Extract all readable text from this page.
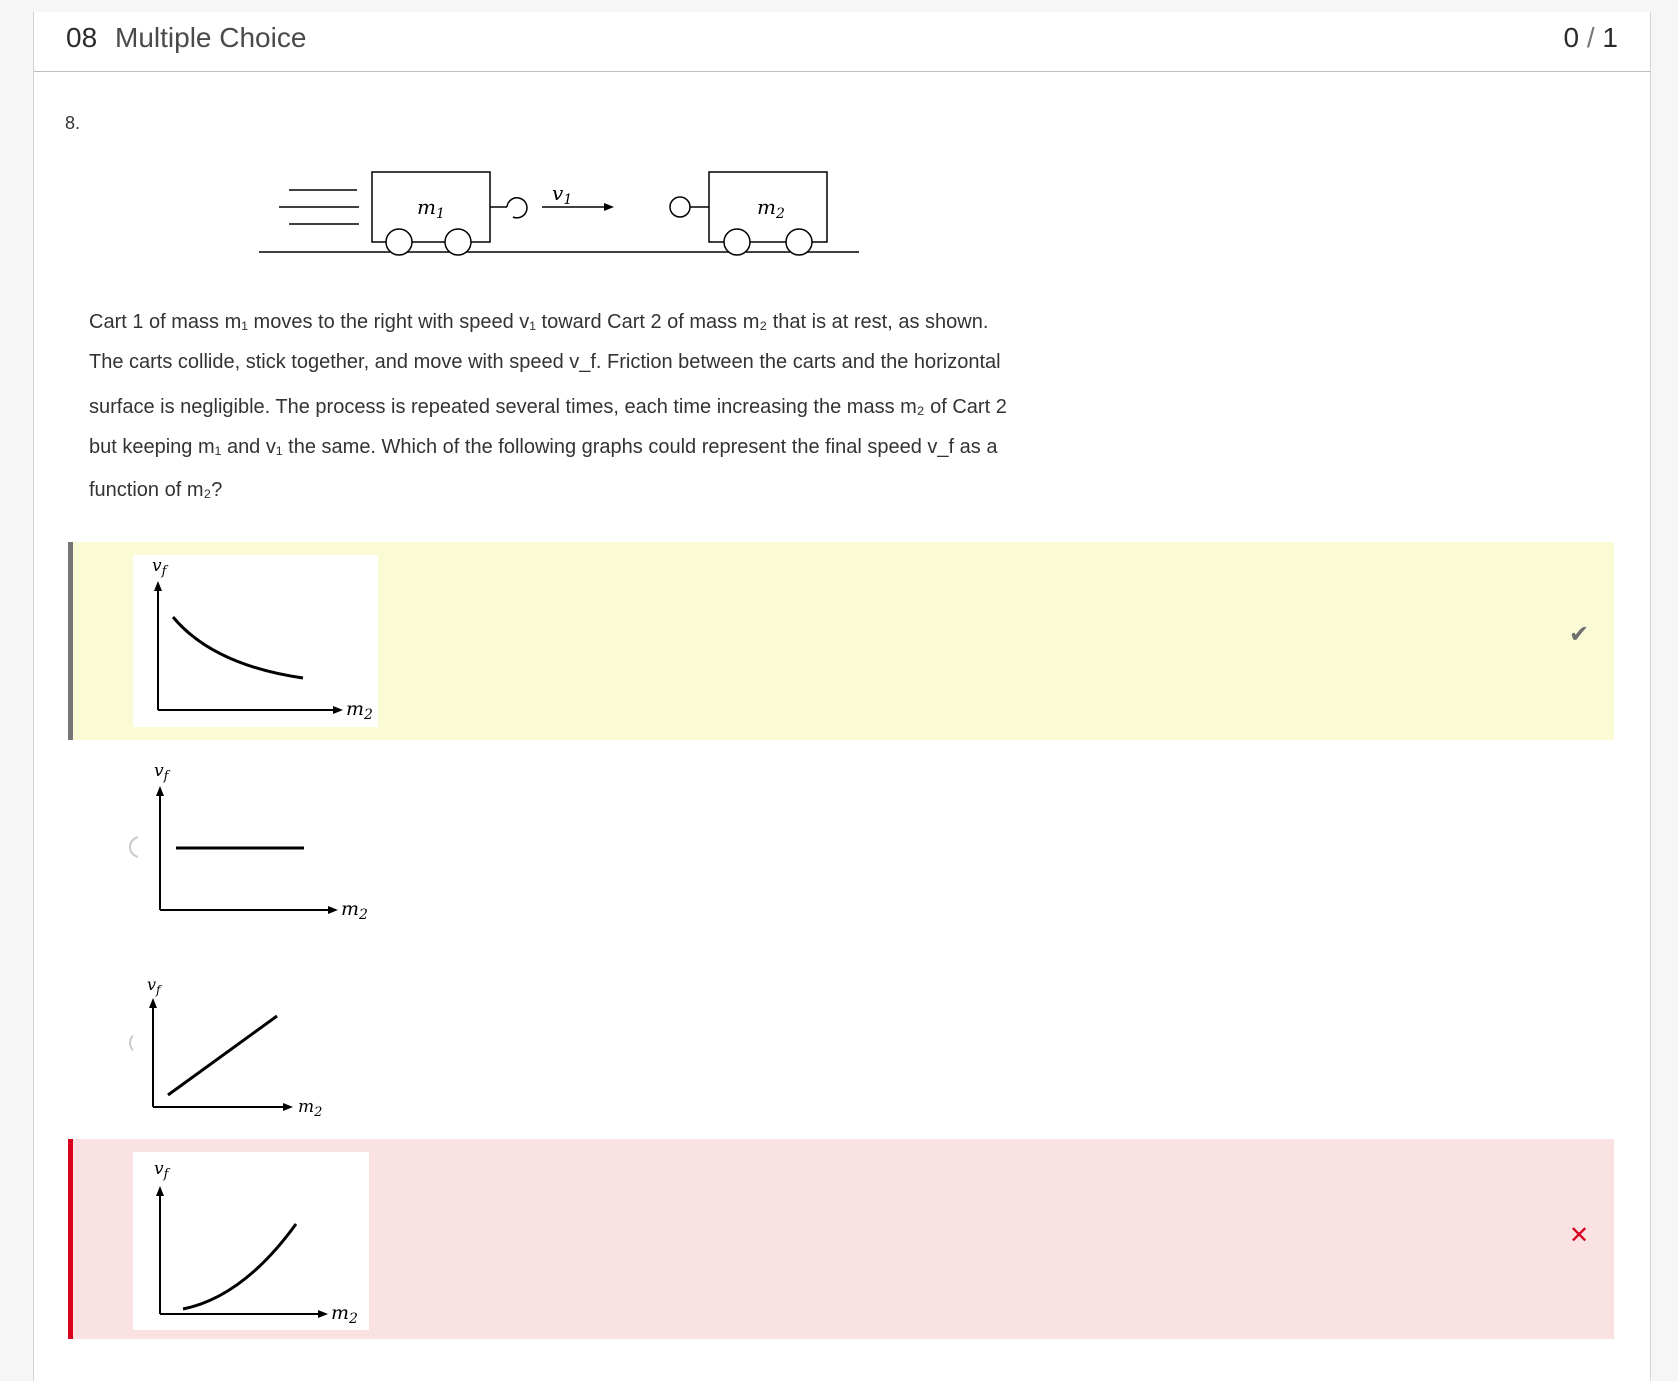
08 Multiple Choice	0 / 1
8.
$m_1$
$v_1$	$m_2$

Cart 1 of mass m₁ moves to the right with speed v₁ toward Cart 2 of mass m₂ that is at rest, as shown.

The carts collide, stick together, and move with speed v_f. Friction between the carts and the horizontal

surface is negligible. The process is repeated several times, each time increasing the mass m₂ of Cart 2

but keeping m₁ and v₁ the same. Which of the following graphs could represent the final speed v_f as a

function of m₂?

$v_f$
$m_2$
✔
$v_f$
$m_2$
$v_f$
$m_2$
$v_f$
$m_2$
✕
